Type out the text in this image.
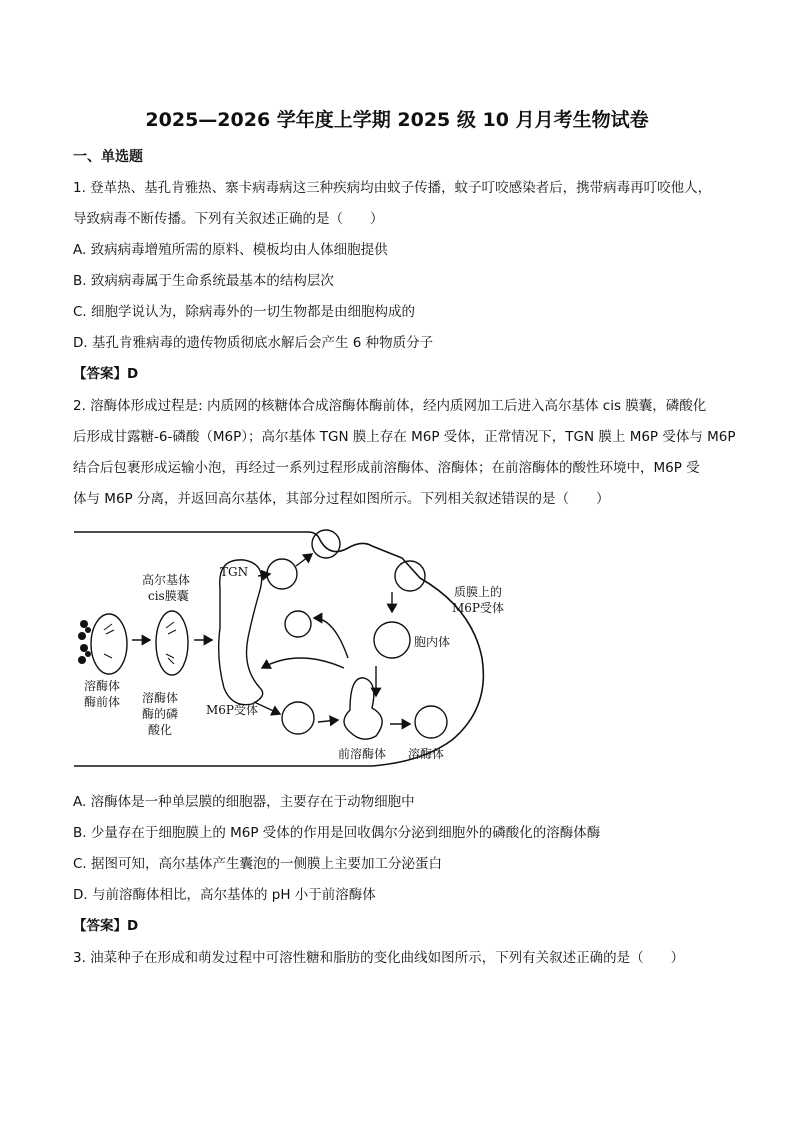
2025—2026 学年度上学期 2025 级 10 月月考生物试卷
一、单选题
1. 登革热、基孔肯雅热、寨卡病毒病这三种疾病均由蚊子传播，蚊子叮咬感染者后，携带病毒再叮咬他人，
导致病毒不断传播。下列有关叙述正确的是（　　）
A. 致病病毒增殖所需的原料、模板均由人体细胞提供
B. 致病病毒属于生命系统最基本的结构层次
C. 细胞学说认为，除病毒外的一切生物都是由细胞构成的
D. 基孔肯雅病毒的遗传物质彻底水解后会产生 6 种物质分子
【答案】D
2. 溶酶体形成过程是: 内质网的核糖体合成溶酶体酶前体，经内质网加工后进入高尔基体 cis 膜囊，磷酸化
后形成甘露糖-6-磷酸（M6P）；高尔基体 TGN 膜上存在 M6P 受体，正常情况下，TGN 膜上 M6P 受体与 M6P
结合后包裹形成运输小泡，再经过一系列过程形成前溶酶体、溶酶体；在前溶酶体的酸性环境中，M6P 受
体与 M6P 分离，并返回高尔基体，其部分过程如图所示。下列相关叙述错误的是（　　）
高尔基体
cis膜囊
TGN
溶酶体
酶前体 溶酶体
酶的磷
酸化
M6P受体
质膜上的
M6P受体
胞内体
前溶酶体 溶酶体
A. 溶酶体是一种单层膜的细胞器，主要存在于动物细胞中
B. 少量存在于细胞膜上的 M6P 受体的作用是回收偶尔分泌到细胞外的磷酸化的溶酶体酶
C. 据图可知，高尔基体产生囊泡的一侧膜上主要加工分泌蛋白
D. 与前溶酶体相比，高尔基体的 pH 小于前溶酶体
【答案】D
3. 油菜种子在形成和萌发过程中可溶性糖和脂肪的变化曲线如图所示，下列有关叙述正确的是（　　）
